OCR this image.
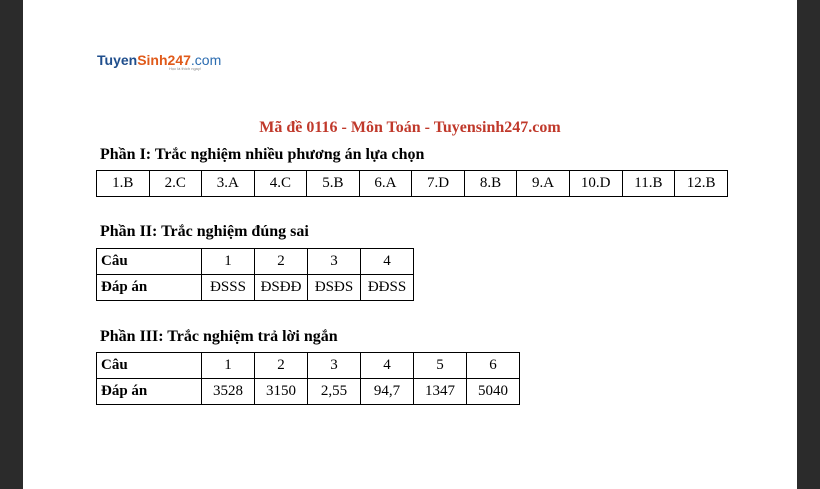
TuyenSinh247.com
Học là thích ngay!
Mã đề 0116 - Môn Toán - Tuyensinh247.com
Phần I: Trắc nghiệm nhiều phương án lựa chọn
1.B	2.C	3.A	4.C	5.B	6.A	7.D	8.B	9.A	10.D	11.B	12.B
Phần II: Trắc nghiệm đúng sai
Câu	1	2	3	4
Đáp án	ĐSSS	ĐSĐĐ	ĐSĐS	ĐĐSS
Phần III: Trắc nghiệm trả lời ngắn
Câu	1	2	3	4	5	6
Đáp án	3528	3150	2,55	94,7	1347	5040
